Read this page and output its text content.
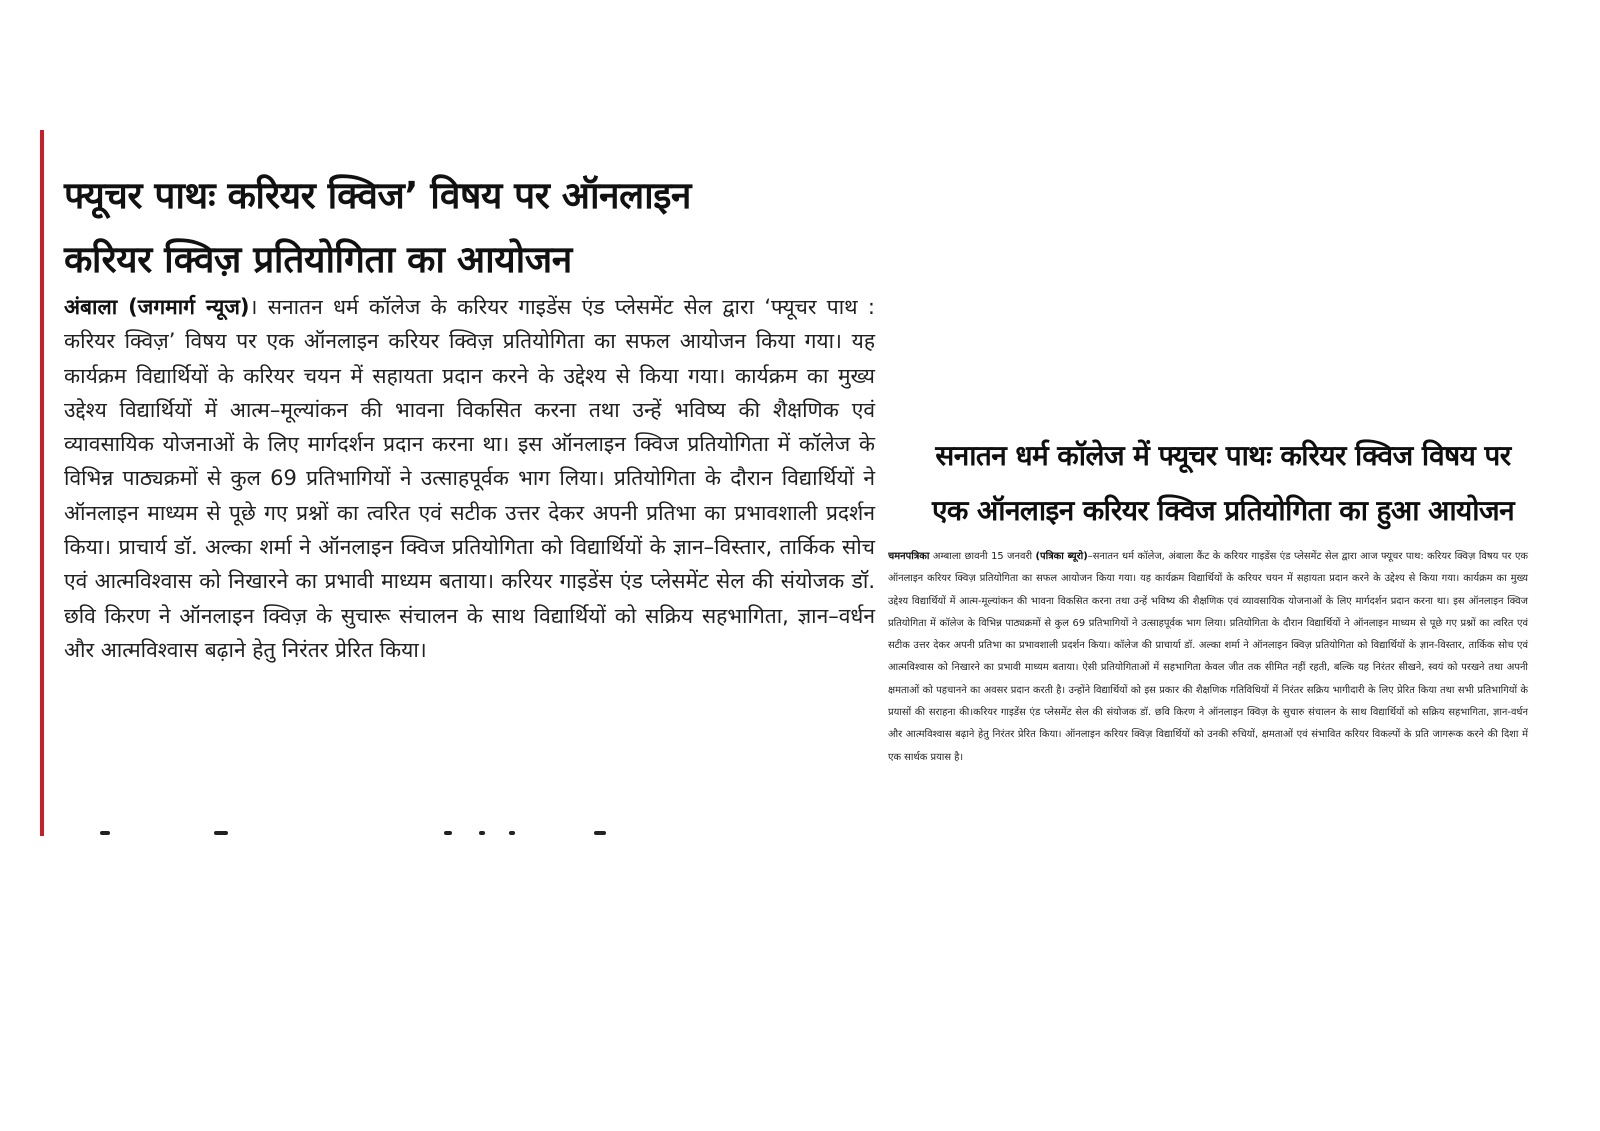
फ्यूचर पाथः करियर क्विज’ विषय पर ऑनलाइन
करियर क्विज़ प्रतियोगिता का आयोजन

अंबाला (जगमार्ग न्यूज)। सनातन धर्म कॉलेज के करियर गाइडेंस एंड प्लेसमेंट सेल द्वारा ‘फ्यूचर पाथ : करियर क्विज़’ विषय पर एक ऑनलाइन करियर क्विज़ प्रतियोगिता का सफल आयोजन किया गया। यह कार्यक्रम विद्यार्थियों के करियर चयन में सहायता प्रदान करने के उद्देश्य से किया गया। कार्यक्रम का मुख्य उद्देश्य विद्यार्थियों में आत्म–मूल्यांकन की भावना विकसित करना तथा उन्हें भविष्य की शैक्षणिक एवं व्यावसायिक योजनाओं के लिए मार्गदर्शन प्रदान करना था। इस ऑनलाइन क्विज प्रतियोगिता में कॉलेज के विभिन्न पाठ्यक्रमों से कुल 69 प्रतिभागियों ने उत्साहपूर्वक भाग लिया। प्रतियोगिता के दौरान विद्यार्थियों ने ऑनलाइन माध्यम से पूछे गए प्रश्नों का त्वरित एवं सटीक उत्तर देकर अपनी प्रतिभा का प्रभावशाली प्रदर्शन किया। प्राचार्य डॉ. अल्का शर्मा ने ऑनलाइन क्विज प्रतियोगिता को विद्यार्थियों के ज्ञान–विस्तार, तार्किक सोच एवं आत्मविश्वास को निखारने का प्रभावी माध्यम बताया। करियर गाइडेंस एंड प्लेसमेंट सेल की संयोजक डॉ. छवि किरण ने ऑनलाइन क्विज़ के सुचारू संचालन के साथ विद्यार्थियों को सक्रिय सहभागिता, ज्ञान–वर्धन और आत्मविश्वास बढ़ाने हेतु निरंतर प्रेरित किया।

सनातन धर्म कॉलेज में फ्यूचर पाथः करियर क्विज विषय पर
एक ऑनलाइन करियर क्विज प्रतियोगिता का हुआ आयोजन

चमनपत्रिका अम्बाला छावनी 15 जनवरी (पत्रिका ब्यूरो)–सनातन धर्म कॉलेज, अंबाला कैंट के करियर गाइडेंस एंड प्लेसमेंट सेल द्वारा आज फ्यूचर पाथ: करियर क्विज़ विषय पर एक ऑनलाइन करियर क्विज़ प्रतियोगिता का सफल आयोजन किया गया। यह कार्यक्रम विद्यार्थियों के करियर चयन में सहायता प्रदान करने के उद्देश्य से किया गया। कार्यक्रम का मुख्य उद्देश्य विद्यार्थियों में आत्म-मूल्यांकन की भावना विकसित करना तथा उन्हें भविष्य की शैक्षणिक एवं व्यावसायिक योजनाओं के लिए मार्गदर्शन प्रदान करना था। इस ऑनलाइन क्विज प्रतियोगिता में कॉलेज के विभिन्न पाठ्यक्रमों से कुल 69 प्रतिभागियों ने उत्साहपूर्वक भाग लिया। प्रतियोगिता के दौरान विद्यार्थियों ने ऑनलाइन माध्यम से पूछे गए प्रश्नों का त्वरित एवं सटीक उत्तर देकर अपनी प्रतिभा का प्रभावशाली प्रदर्शन किया। कॉलेज की प्राचार्या डॉ. अल्का शर्मा ने ऑनलाइन क्विज़ प्रतियोगिता को विद्यार्थियों के ज्ञान-विस्तार, तार्किक सोच एवं आत्मविश्वास को निखारने का प्रभावी माध्यम बताया। ऐसी प्रतियोगिताओं में सहभागिता केवल जीत तक सीमित नहीं रहती, बल्कि यह निरंतर सीखने, स्वयं को परखने तथा अपनी क्षमताओं को पहचानने का अवसर प्रदान करती है। उन्होंने विद्यार्थियों को इस प्रकार की शैक्षणिक गतिविधियों में निरंतर सक्रिय भागीदारी के लिए प्रेरित किया तथा सभी प्रतिभागियों के प्रयासों की सराहना की।करियर गाइडेंस एंड प्लेसमेंट सेल की संयोजक डॉ. छवि किरण ने ऑनलाइन क्विज़ के सुचारु संचालन के साथ विद्यार्थियों को सक्रिय सहभागिता, ज्ञान-वर्धन और आत्मविश्वास बढ़ाने हेतु निरंतर प्रेरित किया। ऑनलाइन करियर क्विज़ विद्यार्थियों को उनकी रुचियों, क्षमताओं एवं संभावित करियर विकल्पों के प्रति जागरूक करने की दिशा में एक सार्थक प्रयास है।
